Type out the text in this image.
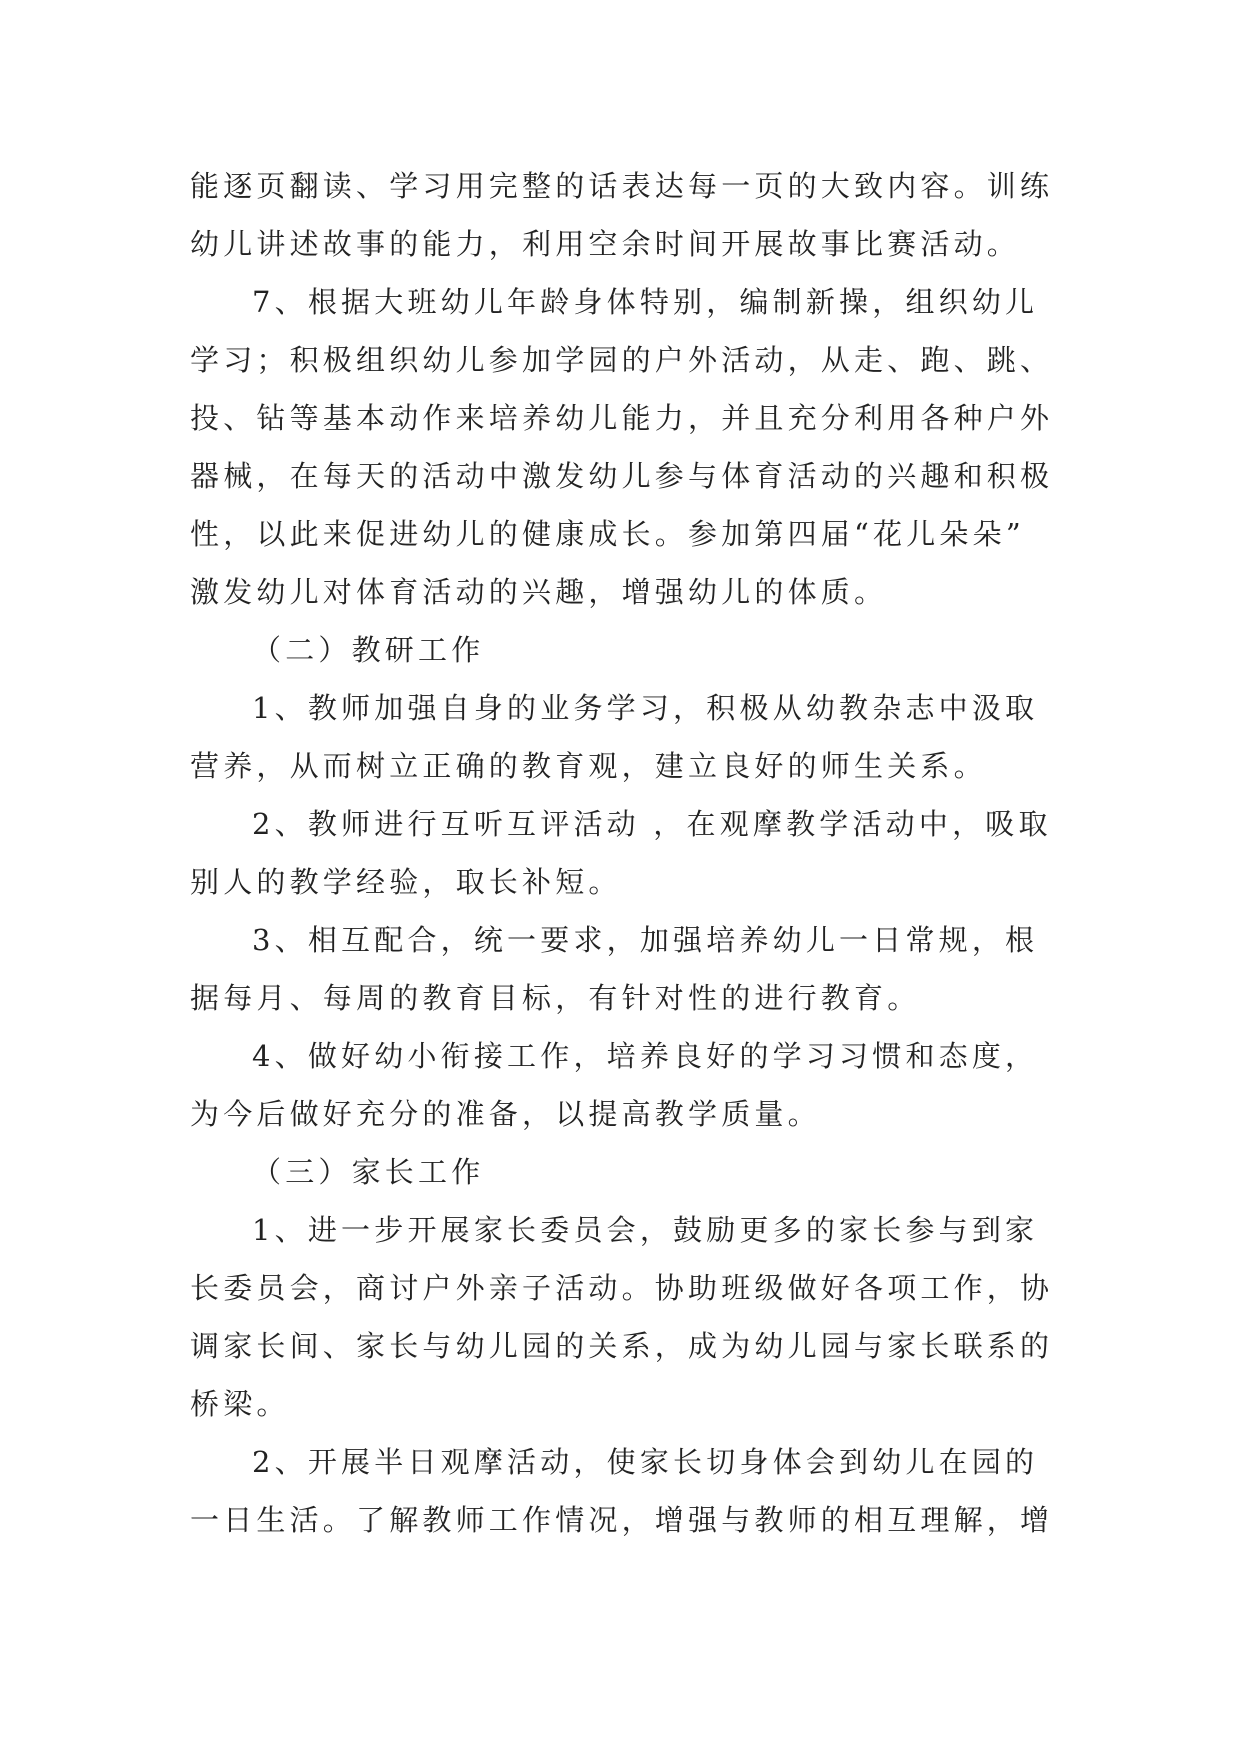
能逐页翻读、学习用完整的话表达每一页的大致内容。训练
幼儿讲述故事的能力，利用空余时间开展故事比赛活动。
7、根据大班幼儿年龄身体特别，编制新操，组织幼儿
学习；积极组织幼儿参加学园的户外活动，从走、跑、跳、
投、钻等基本动作来培养幼儿能力，并且充分利用各种户外
器械，在每天的活动中激发幼儿参与体育活动的兴趣和积极
性，以此来促进幼儿的健康成长。参加第四届“花儿朵朵”
激发幼儿对体育活动的兴趣，增强幼儿的体质。
（二）教研工作
1、教师加强自身的业务学习，积极从幼教杂志中汲取
营养，从而树立正确的教育观，建立良好的师生关系。
2、教师进行互听互评活动 ，在观摩教学活动中，吸取
别人的教学经验，取长补短。
3、相互配合，统一要求，加强培养幼儿一日常规，根
据每月、每周的教育目标，有针对性的进行教育。
4、做好幼小衔接工作，培养良好的学习习惯和态度，
为今后做好充分的准备，以提高教学质量。
（三）家长工作
1、进一步开展家长委员会，鼓励更多的家长参与到家
长委员会，商讨户外亲子活动。协助班级做好各项工作，协
调家长间、家长与幼儿园的关系，成为幼儿园与家长联系的
桥梁。
2、开展半日观摩活动，使家长切身体会到幼儿在园的
一日生活。了解教师工作情况，增强与教师的相互理解，增
